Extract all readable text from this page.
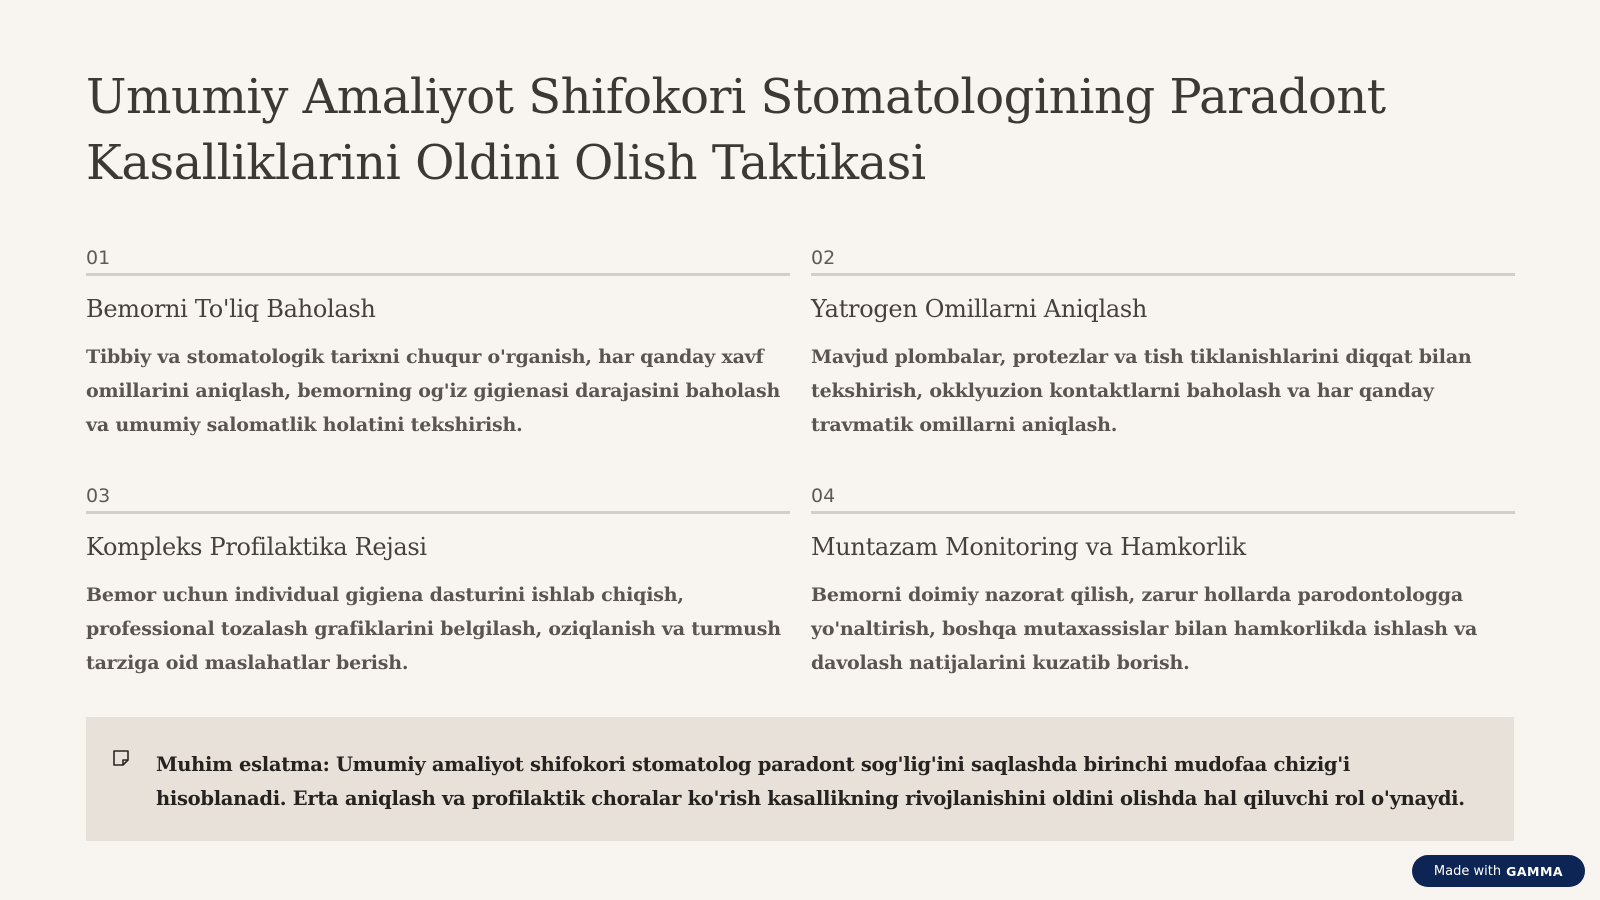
Umumiy Amaliyot Shifokori Stomatologining Paradont Kasalliklarini Oldini Olish Taktikasi
01
Bemorni To'liq Baholash
Tibbiy va stomatologik tarixni chuqur o'rganish, har qanday xavf omillarini aniqlash, bemorning og'iz gigienasi darajasini baholash va umumiy salomatlik holatini tekshirish.
02
Yatrogen Omillarni Aniqlash
Mavjud plombalar, protezlar va tish tiklanishlarini diqqat bilan tekshirish, okklyuzion kontaktlarni baholash va har qanday travmatik omillarni aniqlash.
03
Kompleks Profilaktika Rejasi
Bemor uchun individual gigiena dasturini ishlab chiqish, professional tozalash grafiklarini belgilash, oziqlanish va turmush tarziga oid maslahatlar berish.
04
Muntazam Monitoring va Hamkorlik
Bemorni doimiy nazorat qilish, zarur hollarda parodontologga yo'naltirish, boshqa mutaxassislar bilan hamkorlikda ishlash va davolash natijalarini kuzatib borish.
Muhim eslatma: Umumiy amaliyot shifokori stomatolog paradont sog'lig'ini saqlashda birinchi mudofaa chizig'i hisoblanadi. Erta aniqlash va profilaktik choralar ko'rish kasallikning rivojlanishini oldini olishda hal qiluvchi rol o'ynaydi.
Made with GAMMA
